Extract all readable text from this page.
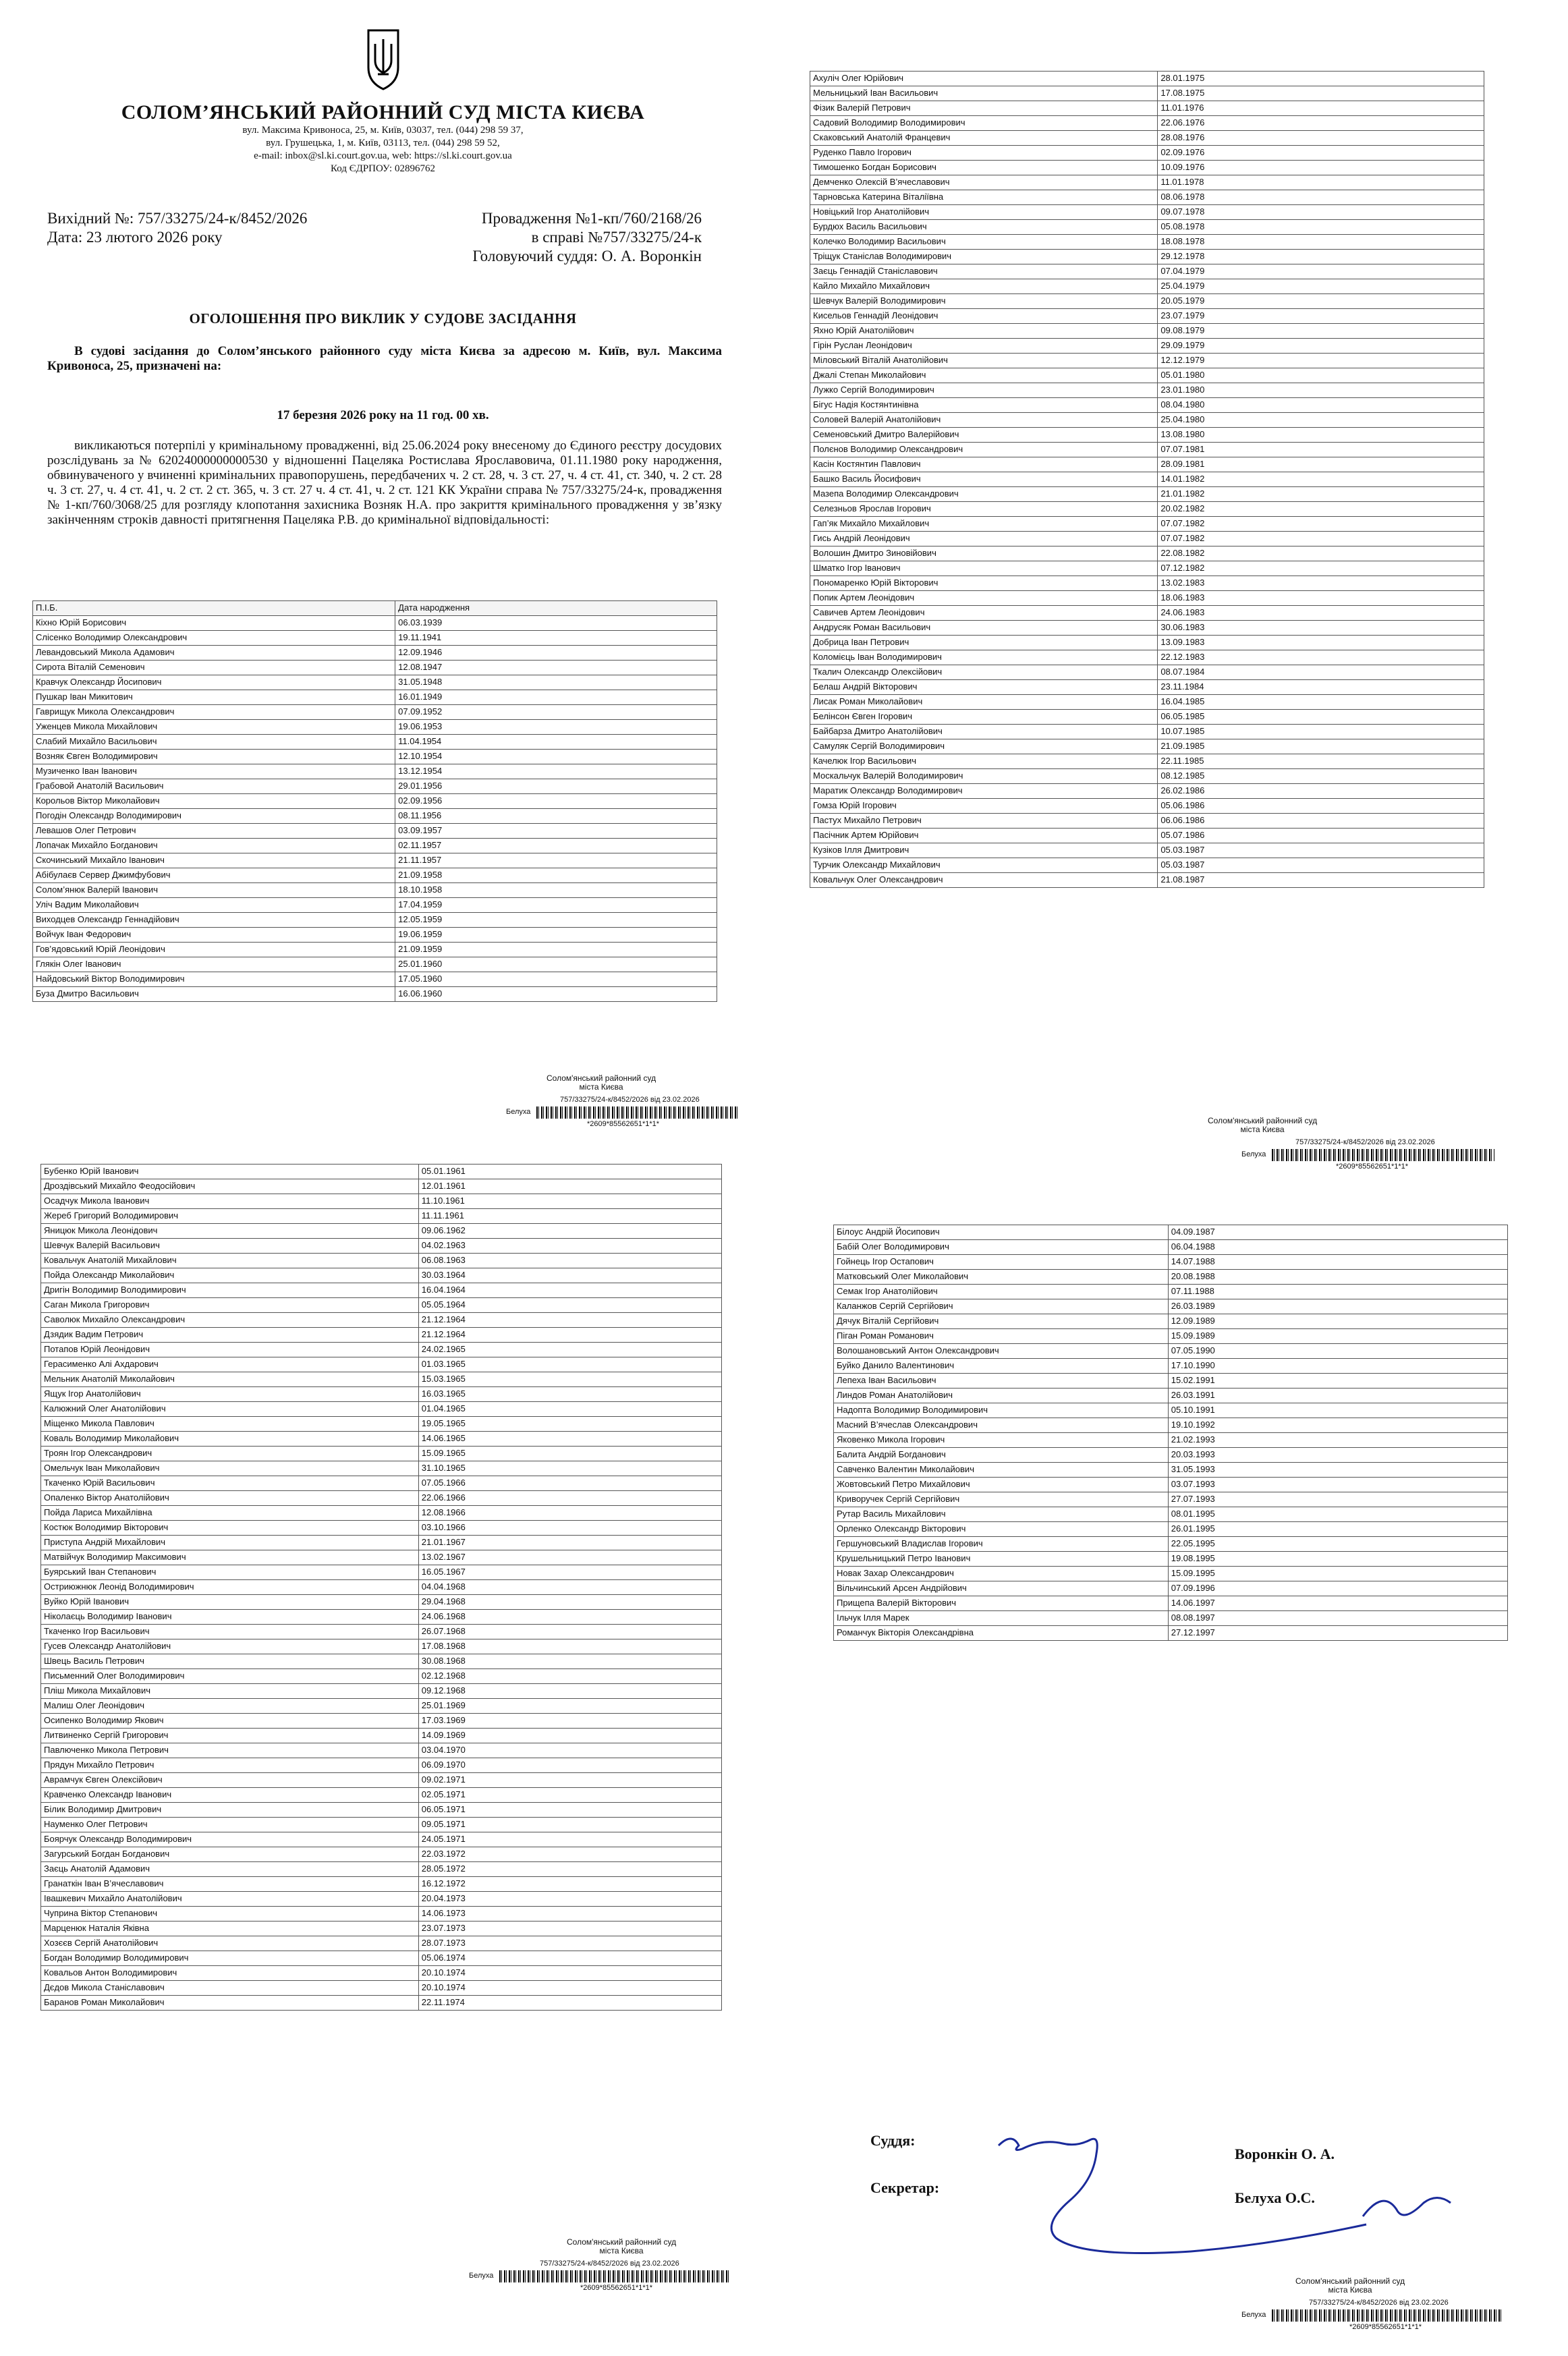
СОЛОМ’ЯНСЬКИЙ РАЙОННИЙ СУД МІСТА КИЄВА
вул. Максима Кривоноса, 25, м. Київ, 03037, тел. (044) 298 59 37,
вул. Грушецька, 1, м. Київ, 03113, тел. (044) 298 59 52,
e-mail: inbox@sl.ki.court.gov.ua, web: https://sl.ki.court.gov.ua
Код ЄДРПОУ: 02896762
Вихідний №: 757/33275/24-к/8452/2026
Дата: 23 лютого 2026 року
Провадження №1-кп/760/2168/26
в справі №757/33275/24-к
Головуючий суддя: О. А. Воронкін
ОГОЛОШЕННЯ ПРО ВИКЛИК У СУДОВЕ ЗАСІДАННЯ
В судові засідання до Солом’янського районного суду міста Києва за адресою м. Київ, вул. Максима Кривоноса, 25, призначені на:
17 березня 2026 року на 11 год. 00 хв.
викликаються потерпілі у кримінальному провадженні, від 25.06.2024 року внесеному до Єдиного реєстру досудових розслідувань за № 62024000000000530 у відношенні Пацеляка Ростислава Ярославовича, 01.11.1980 року народження, обвинуваченого у вчиненні кримінальних правопорушень, передбачених ч. 2 ст. 28, ч. 3 ст. 27, ч. 4 ст. 41, ст. 340, ч. 2 ст. 28 ч. 3 ст. 27, ч. 4 ст. 41, ч. 2 ст. 2 ст. 365, ч. 3 ст. 27 ч. 4 ст. 41, ч. 2 ст. 121 КК України справа № 757/33275/24-к, провадження № 1-кп/760/3068/25 для розгляду клопотання захисника Возняк Н.А. про закриття кримінального провадження у зв’язку закінченням строків давності притягнення Пацеляка Р.В. до кримінальної відповідальності:
П.І.Б.	Дата народження
Кіхно Юрій Борисович	06.03.1939
Слісенко Володимир Олександрович	19.11.1941
Левандовський Микола Адамович	12.09.1946
Сирота Віталій Семенович	12.08.1947
Кравчук Олександр Йосипович	31.05.1948
Пушкар Іван Микитович	16.01.1949
Гаврищук Микола Олександрович	07.09.1952
Уженцев Микола Михайлович	19.06.1953
Слабий Михайло Васильович	11.04.1954
Возняк Євген Володимирович	12.10.1954
Музиченко Іван Іванович	13.12.1954
Грабовой Анатолій Васильович	29.01.1956
Корольов Віктор Миколайович	02.09.1956
Погодін Олександр Володимирович	08.11.1956
Левашов Олег Петрович	03.09.1957
Лопачак Михайло Богданович	02.11.1957
Скочинський Михайло Іванович	21.11.1957
Абібулаєв Сервер Джимфубович	21.09.1958
Солом’янюк Валерій Іванович	18.10.1958
Уліч Вадим Миколайович	17.04.1959
Виходцев Олександр Геннадійович	12.05.1959
Войчук Іван Федорович	19.06.1959
Гов’ядовський Юрій Леонідович	21.09.1959
Глякін Олег Іванович	25.01.1960
Найдовський Віктор Володимирович	17.05.1960
Буза Дмитро Васильович	16.06.1960
Солом'янський районний суд
міста Києва
757/33275/24-к/8452/2026 від 23.02.2026
Белуха
*2609*85562651*1*1*
Ахуліч Олег Юрійович	28.01.1975
Мельницький Іван Васильович	17.08.1975
Фізик Валерій Петрович	11.01.1976
Садовий Володимир Володимирович	22.06.1976
Скаковський Анатолій Францевич	28.08.1976
Руденко Павло Ігорович	02.09.1976
Тимошенко Богдан Борисович	10.09.1976
Демченко Олексій В’ячеславович	11.01.1978
Тарновська Катерина Віталіївна	08.06.1978
Новіцький Ігор Анатолійович	09.07.1978
Бурдюх Василь Васильович	05.08.1978
Колечко Володимир Васильович	18.08.1978
Тріщук Станіслав Володимирович	29.12.1978
Заєць Геннадій Станіславович	07.04.1979
Кайло Михайло Михайлович	25.04.1979
Шевчук Валерій Володимирович	20.05.1979
Кисельов Геннадій Леонідович	23.07.1979
Яхно Юрій Анатолійович	09.08.1979
Гірін Руслан Леонідович	29.09.1979
Міловський Віталій Анатолійович	12.12.1979
Джалі Степан Миколайович	05.01.1980
Лужко Сергій Володимирович	23.01.1980
Бігус Надія Костянтинівна	08.04.1980
Соловей Валерій Анатолійович	25.04.1980
Семеновський Дмитро Валерійович	13.08.1980
Полєнов Володимир Олександрович	07.07.1981
Касін Костянтин Павлович	28.09.1981
Башко Василь Йосифович	14.01.1982
Мазепа Володимир Олександрович	21.01.1982
Селезньов Ярослав Ігорович	20.02.1982
Гап’як Михайло Михайлович	07.07.1982
Гись Андрій Леонідович	07.07.1982
Волошин Дмитро Зиновійович	22.08.1982
Шматко Ігор Іванович	07.12.1982
Пономаренко Юрій Вікторович	13.02.1983
Попик Артем Леонідович	18.06.1983
Савичев Артем Леонідович	24.06.1983
Андрусяк Роман Васильович	30.06.1983
Добрица Іван Петрович	13.09.1983
Коломієць Іван Володимирович	22.12.1983
Ткалич Олександр Олексійович	08.07.1984
Белаш Андрій Вікторович	23.11.1984
Лисак Роман Миколайович	16.04.1985
Белінсон Євген Ігорович	06.05.1985
Байбарза Дмитро Анатолійович	10.07.1985
Самуляк Сергій Володимирович	21.09.1985
Качелюк Ігор Васильович	22.11.1985
Москальчук Валерій Володимирович	08.12.1985
Маратик Олександр Володимирович	26.02.1986
Гомза Юрій Ігорович	05.06.1986
Пастух Михайло Петрович	06.06.1986
Пасічник Артем Юрійович	05.07.1986
Кузіков Ілля Дмитрович	05.03.1987
Турчик Олександр Михайлович	05.03.1987
Ковальчук Олег Олександрович	21.08.1987
Солом'янський районний суд
міста Києва
757/33275/24-к/8452/2026 від 23.02.2026
Белуха
*2609*85562651*1*1*
Бубенко Юрій Іванович	05.01.1961
Дроздівський Михайло Феодосійович	12.01.1961
Осадчук Микола Іванович	11.10.1961
Жереб Григорий Володимирович	11.11.1961
Яницюк Микола Леонідович	09.06.1962
Шевчук Валерій Васильович	04.02.1963
Ковальчук Анатолій Михайлович	06.08.1963
Пойда Олександр Миколайович	30.03.1964
Дригін Володимир Володимирович	16.04.1964
Саган Микола Григорович	05.05.1964
Саволюк Михайло Олександрович	21.12.1964
Дзядик Вадим Петрович	21.12.1964
Потапов Юрій Леонідович	24.02.1965
Герасименко Алі Ахдарович	01.03.1965
Мельник Анатолій Миколайович	15.03.1965
Ящук Ігор Анатолійович	16.03.1965
Калюжний Олег Анатолійович	01.04.1965
Міщенко Микола Павлович	19.05.1965
Коваль Володимир Миколайович	14.06.1965
Троян Ігор Олександрович	15.09.1965
Омельчук Іван Миколайович	31.10.1965
Ткаченко Юрій Васильович	07.05.1966
Опаленко Віктор Анатолійович	22.06.1966
Пойда Лариса Михайлівна	12.08.1966
Костюк Володимир Вікторович	03.10.1966
Приступа Андрій Михайлович	21.01.1967
Матвійчук Володимир Максимович	13.02.1967
Буярський Іван Степанович	16.05.1967
Остриюжнюк Леонід Володимирович	04.04.1968
Вуйко Юрій Іванович	29.04.1968
Ніколаєць Володимир Іванович	24.06.1968
Ткаченко Ігор Васильович	26.07.1968
Гусев Олександр Анатолійович	17.08.1968
Швець Василь Петрович	30.08.1968
Письменний Олег Володимирович	02.12.1968
Пліш Микола Михайлович	09.12.1968
Малиш Олег Леонідович	25.01.1969
Осипенко Володимир Якович	17.03.1969
Литвиненко Сергій Григорович	14.09.1969
Павлюченко Микола Петрович	03.04.1970
Прядун Михайло Петрович	06.09.1970
Аврамчук Євген Олексійович	09.02.1971
Кравченко Олександр Іванович	02.05.1971
Білик Володимир Дмитрович	06.05.1971
Науменко Олег Петрович	09.05.1971
Боярчук Олександр Володимирович	24.05.1971
Загурський Богдан Богданович	22.03.1972
Заєць Анатолій Адамович	28.05.1972
Гранаткін Іван В’ячеславович	16.12.1972
Івашкевич Михайло Анатолійович	20.04.1973
Чуприна Віктор Степанович	14.06.1973
Марценюк Наталія Яківна	23.07.1973
Хозєєв Сергій Анатолійович	28.07.1973
Богдан Володимир Володимирович	05.06.1974
Ковальов Антон Володимирович	20.10.1974
Дєдов Микола Станіславович	20.10.1974
Баранов Роман Миколайович	22.11.1974
Солом'янський районний суд
міста Києва
757/33275/24-к/8452/2026 від 23.02.2026
Белуха
*2609*85562651*1*1*
Білоус Андрій Йосипович	04.09.1987
Бабій Олег Володимирович	06.04.1988
Гойнець Ігор Остапович	14.07.1988
Матковський Олег Миколайович	20.08.1988
Семак Ігор Анатолійович	07.11.1988
Каланжов Сергій Сергійович	26.03.1989
Дячук Віталій Сергійович	12.09.1989
Піган Роман Романович	15.09.1989
Волошановський Антон Олександрович	07.05.1990
Буйко Данило Валентинович	17.10.1990
Лепеха Іван Васильович	15.02.1991
Линдов Роман Анатолійович	26.03.1991
Надопта Володимир Володимирович	05.10.1991
Масний В’ячеслав Олександрович	19.10.1992
Яковенко Микола Ігорович	21.02.1993
Балита Андрій Богданович	20.03.1993
Савченко Валентин Миколайович	31.05.1993
Жовтовський Петро Михайлович	03.07.1993
Криворучек Сергій Сергійович	27.07.1993
Рутар Василь Михайлович	08.01.1995
Орленко Олександр Вікторович	26.01.1995
Гершуновський Владислав Ігорович	22.05.1995
Крушельницький Петро Іванович	19.08.1995
Новак Захар Олександрович	15.09.1995
Вільчинський Арсен Андрійович	07.09.1996
Прищепа Валерій Вікторович	14.06.1997
Ільчук Ілля Марек	08.08.1997
Романчук Вікторія Олександрівна	27.12.1997
Солом'янський районний суд
міста Києва
757/33275/24-к/8452/2026 від 23.02.2026
Белуха
*2609*85562651*1*1*
Суддя:
Воронкін О. А.
Секретар:
Белуха О.С.
